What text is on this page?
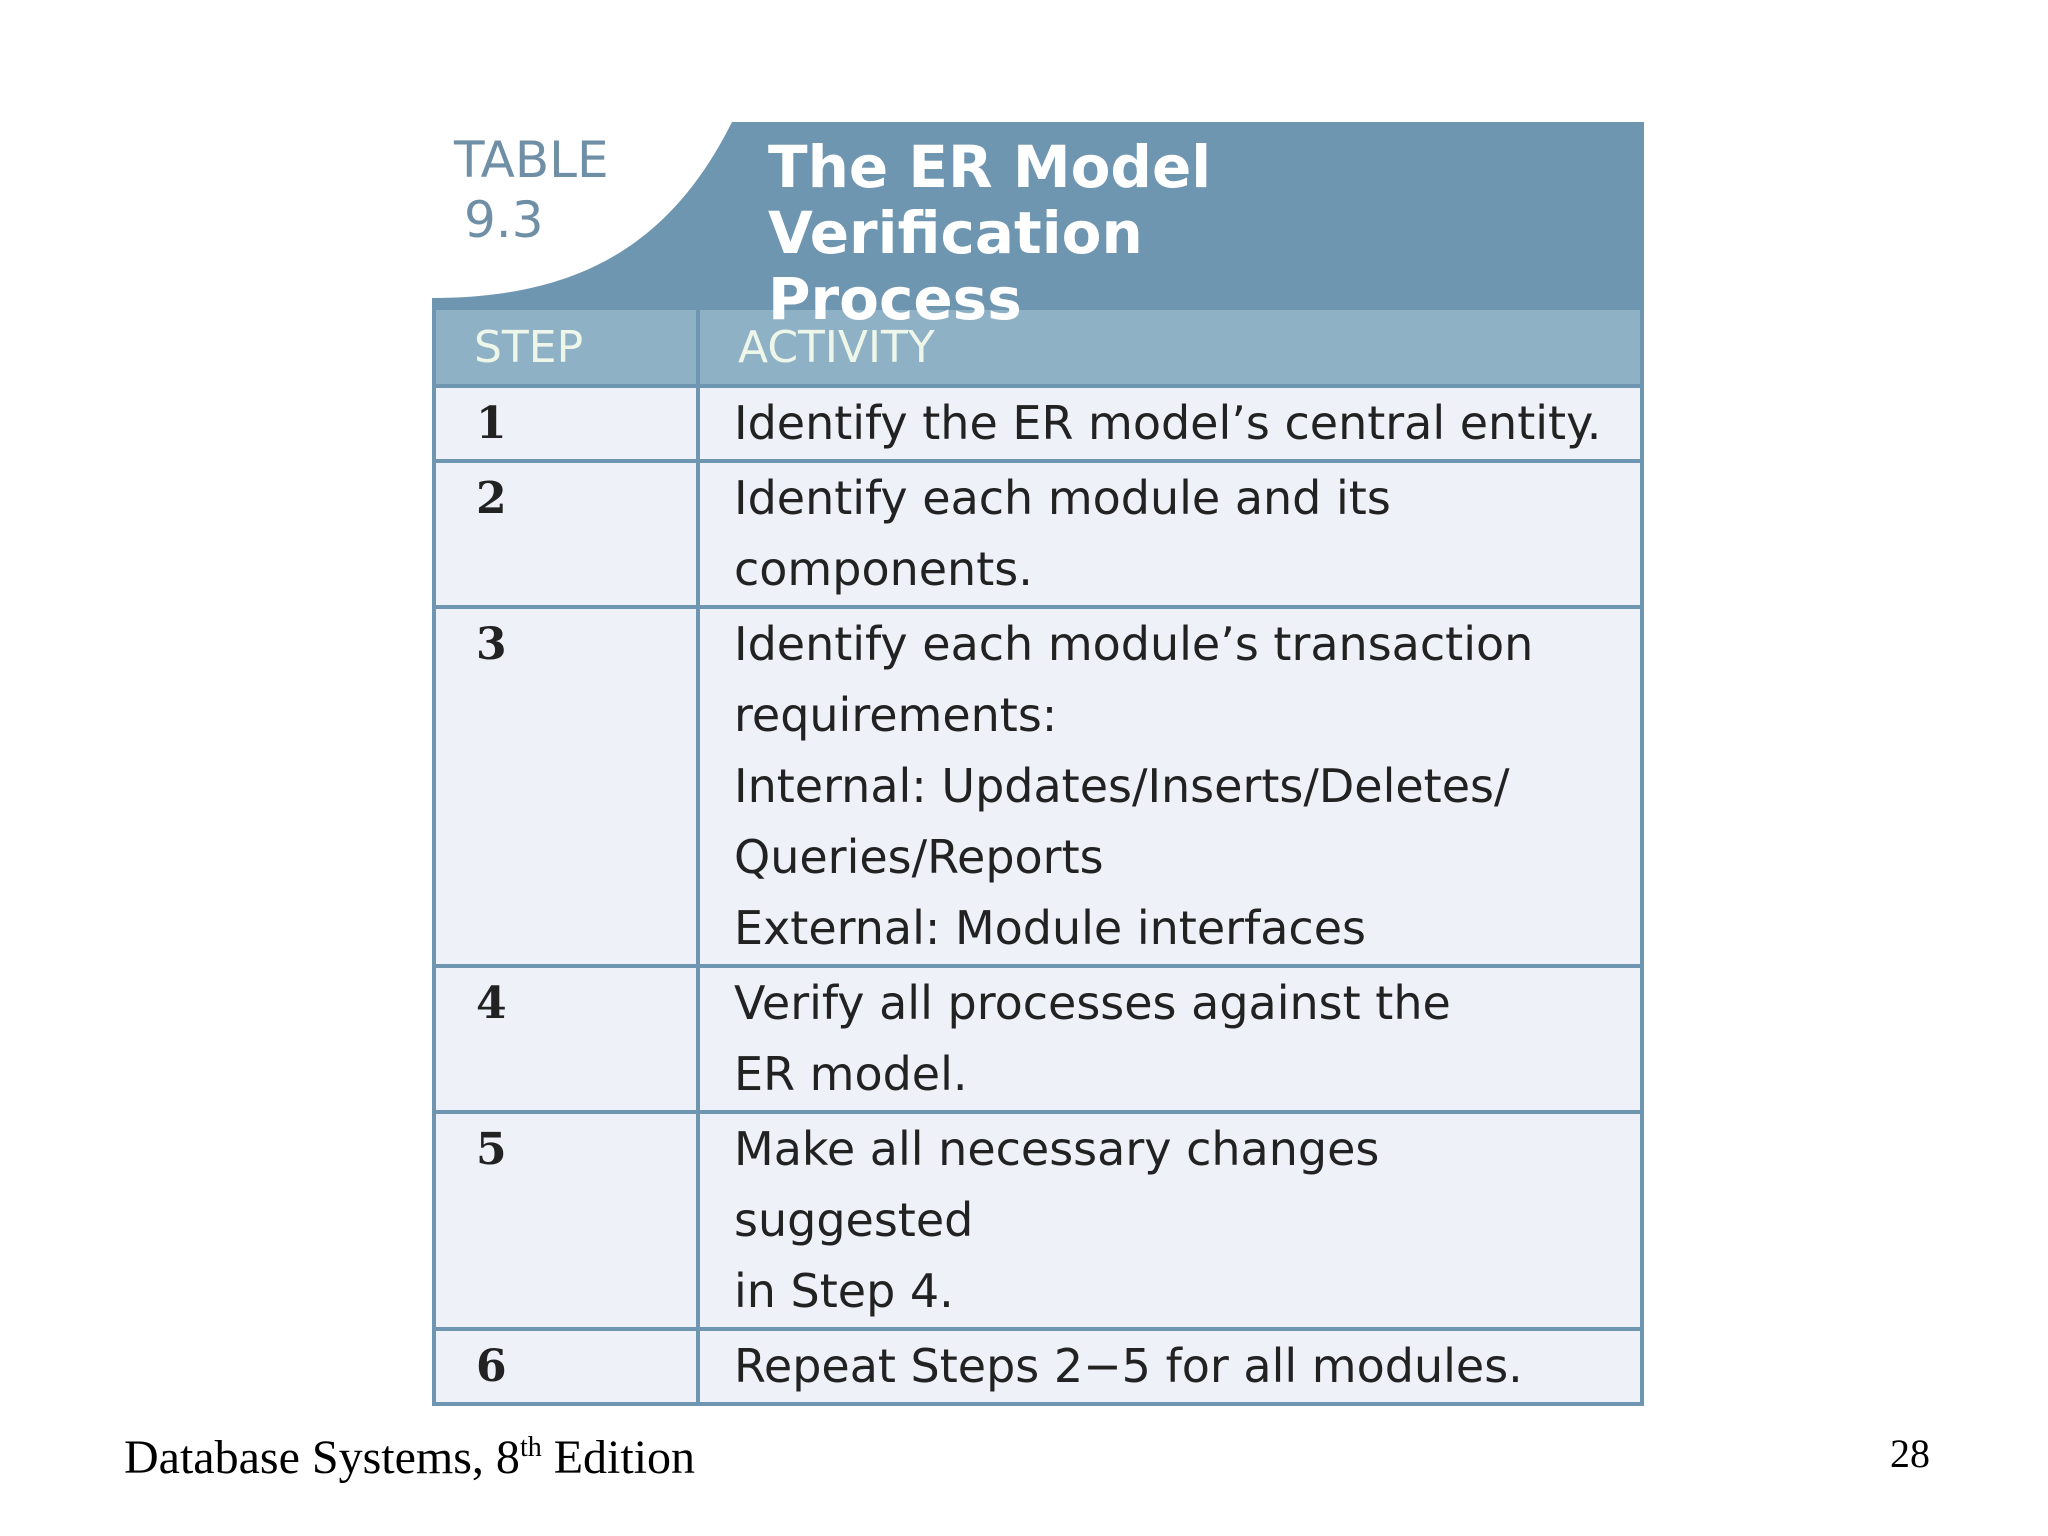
TABLE
9.3
The ER Model Verification
Process
STEP	ACTIVITY
1	Identify the ER model’s central entity.

2	Identify each module and its
components.

3	Identify each module’s transaction
requirements:
Internal: Updates/Inserts/Deletes/
Queries/Reports
External: Module interfaces

4	Verify all processes against the
ER model.

5	Make all necessary changes suggested
in Step 4.

6	Repeat Steps 2−5 for all modules.
Database Systems, 8th Edition	28
